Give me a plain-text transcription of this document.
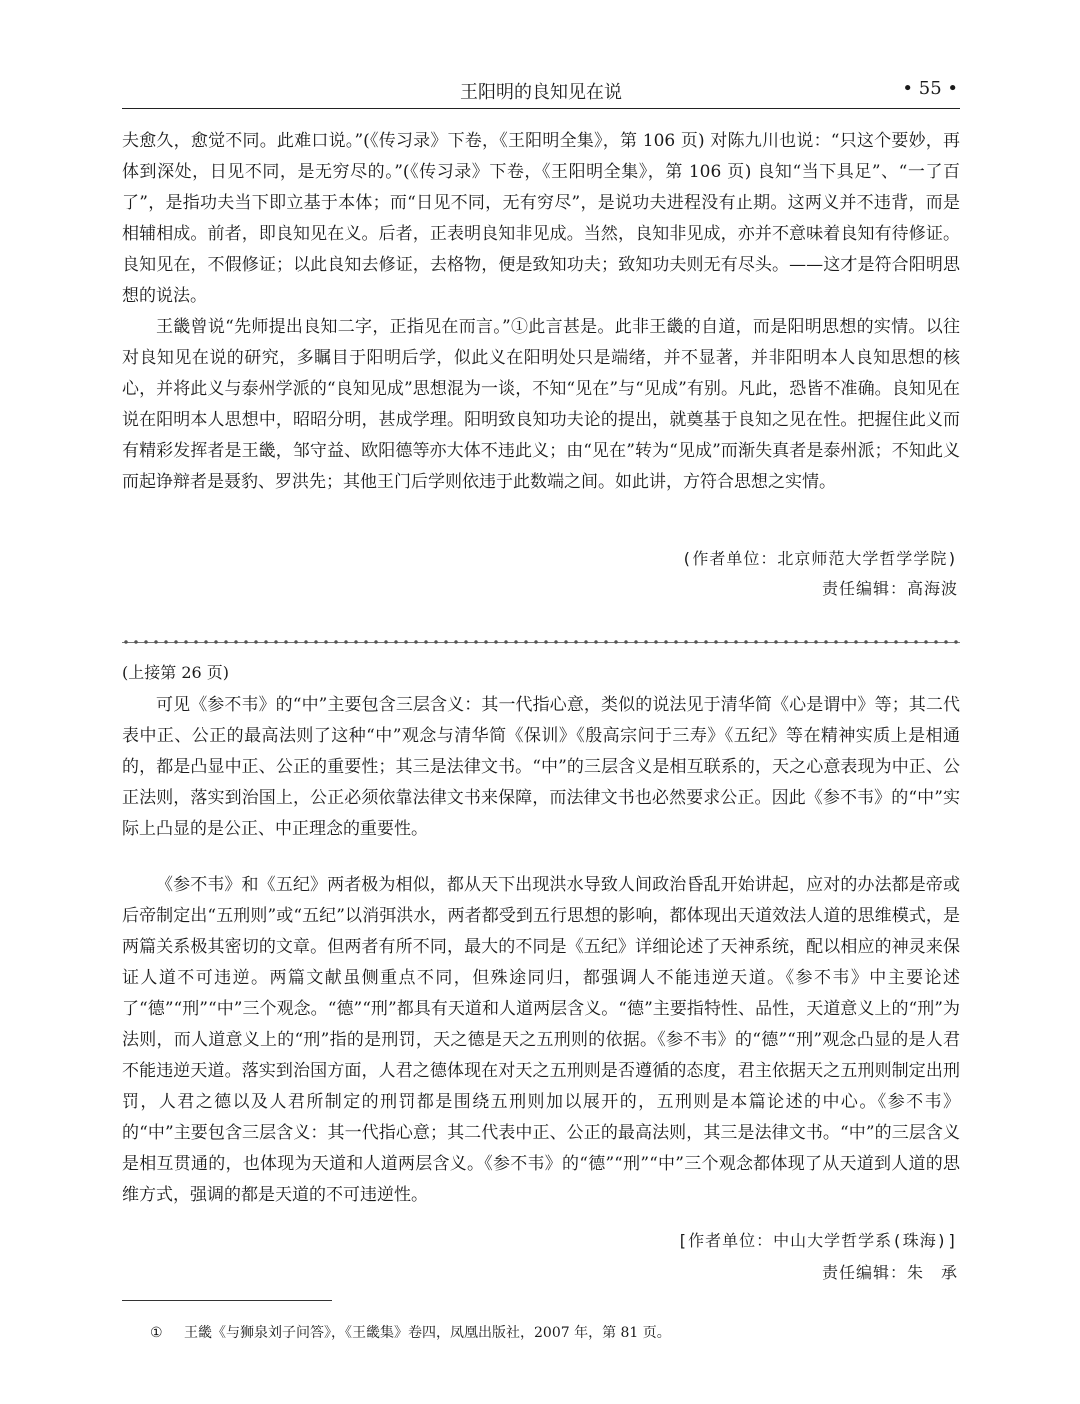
王阳明的良知见在说	• 55 •

夫愈久，愈觉不同。此难口说。”(《传习录》下卷，《王阳明全集》，第 106 页) 对陈九川也说：“只这个要妙，再体到深处，日见不同，是无穷尽的。”(《传习录》下卷，《王阳明全集》，第 106 页) 良知“当下具足”、“一了百了”，是指功夫当下即立基于本体；而“日见不同，无有穷尽”，是说功夫进程没有止期。这两义并不违背，而是相辅相成。前者，即良知见在义。后者，正表明良知非见成。当然，良知非见成，亦并不意味着良知有待修证。良知见在，不假修证；以此良知去修证，去格物，便是致知功夫；致知功夫则无有尽头。——这才是符合阳明思想的说法。

王畿曾说“先师提出良知二字，正指见在而言。”①此言甚是。此非王畿的自道，而是阳明思想的实情。以往对良知见在说的研究，多瞩目于阳明后学，似此义在阳明处只是端绪，并不显著，并非阳明本人良知思想的核心，并将此义与泰州学派的“良知见成”思想混为一谈，不知“见在”与“见成”有别。凡此，恐皆不准确。良知见在说在阳明本人思想中，昭昭分明，甚成学理。阳明致良知功夫论的提出，就奠基于良知之见在性。把握住此义而有精彩发挥者是王畿，邹守益、欧阳德等亦大体不违此义；由“见在”转为“见成”而渐失真者是泰州派；不知此义而起诤辩者是聂豹、罗洪先；其他王门后学则依违于此数端之间。如此讲，方符合思想之实情。

(作者单位：北京师范大学哲学学院)
责任编辑：高海波
(上接第 26 页)

可见《参不韦》的“中”主要包含三层含义：其一代指心意，类似的说法见于清华简《心是谓中》等；其二代表中正、公正的最高法则了这种“中”观念与清华简《保训》《殷高宗问于三寿》《五纪》等在精神实质上是相通的，都是凸显中正、公正的重要性；其三是法律文书。“中”的三层含义是相互联系的，天之心意表现为中正、公正法则，落实到治国上，公正必须依靠法律文书来保障，而法律文书也必然要求公正。因此《参不韦》的“中”实际上凸显的是公正、中正理念的重要性。

《参不韦》和《五纪》两者极为相似，都从天下出现洪水导致人间政治昏乱开始讲起，应对的办法都是帝或后帝制定出“五刑则”或“五纪”以消弭洪水，两者都受到五行思想的影响，都体现出天道效法人道的思维模式，是两篇关系极其密切的文章。但两者有所不同，最大的不同是《五纪》详细论述了天神系统，配以相应的神灵来保证人道不可违逆。两篇文献虽侧重点不同，但殊途同归，都强调人不能违逆天道。《参不韦》中主要论述了“德”“刑”“中”三个观念。“德”“刑”都具有天道和人道两层含义。“德”主要指特性、品性，天道意义上的“刑”为法则，而人道意义上的“刑”指的是刑罚，天之德是天之五刑则的依据。《参不韦》的“德”“刑”观念凸显的是人君不能违逆天道。落实到治国方面，人君之德体现在对天之五刑则是否遵循的态度，君主依据天之五刑则制定出刑罚，人君之德以及人君所制定的刑罚都是围绕五刑则加以展开的，五刑则是本篇论述的中心。《参不韦》的“中”主要包含三层含义：其一代指心意；其二代表中正、公正的最高法则，其三是法律文书。“中”的三层含义是相互贯通的，也体现为天道和人道两层含义。《参不韦》的“德”“刑”“中”三个观念都体现了从天道到人道的思维方式，强调的都是天道的不可违逆性。

[作者单位：中山大学哲学系(珠海)]
责任编辑：朱　承
① 王畿《与狮泉刘子问答》，《王畿集》卷四，凤凰出版社，2007 年，第 81 页。
